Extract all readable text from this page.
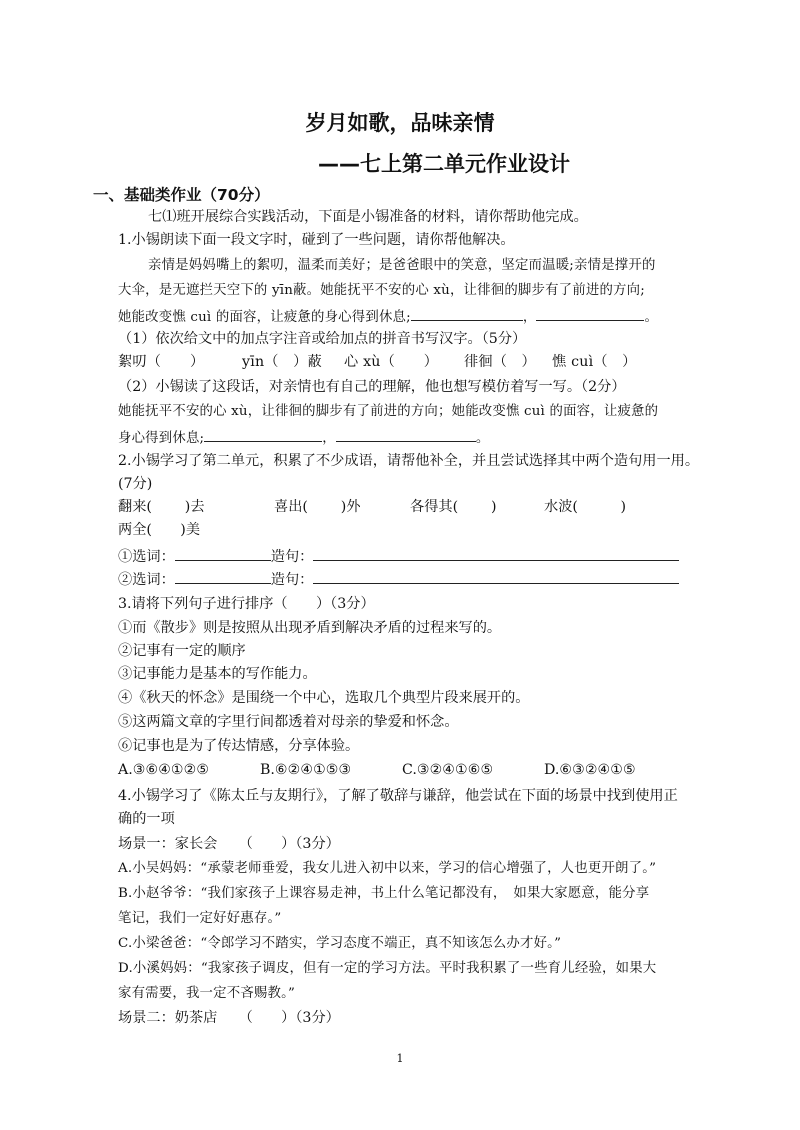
岁月如歌，品味亲情
——七上第二单元作业设计
一、基础类作业（70分）
七⑴班开展综合实践活动，下面是小锡准备的材料，请你帮助他完成。
1.小锡朗读下面一段文字时，碰到了一些问题，请你帮他解决。
亲情是妈妈嘴上的絮叨，温柔而美好；是爸爸眼中的笑意，坚定而温暖;亲情是撑开的
大伞，是无遮拦天空下的 yīn蔽。她能抚平不安的心 xù，让徘徊的脚步有了前进的方向;
她能改变憔 cuì 的面容，让疲惫的身心得到休息;	，	。
（1）依次给文中的加点字注音或给加点的拼音书写汉字。（5分）
絮叨（　　）	yīn（　）蔽 心 xù（　　） 徘徊（　） 憔 cuì（　）
（2）小锡读了这段话，对亲情也有自己的理解，他也想写模仿着写一写。（2分）
她能抚平不安的心 xù，让徘徊的脚步有了前进的方向；她能改变憔 cuì 的面容，让疲惫的
身心得到休息;	，	。
2.小锡学习了第二单元，积累了不少成语，请帮他补全，并且尝试选择其中两个造句用一用。
(7分)
翻来(　　 )去	喜出(　　 )外	各得其(　　 )	水波(　　　)
两全(　　)美
①选词：	造句：
②选词：	造句：
3.请将下列句子进行排序（　　）（3分）
①而《散步》则是按照从出现矛盾到解决矛盾的过程来写的。
②记事有一定的顺序
③记事能力是基本的写作能力。
④《秋天的怀念》是围绕一个中心，选取几个典型片段来展开的。
⑤这两篇文章的字里行间都透着对母亲的挚爱和怀念。
⑥记事也是为了传达情感，分享体验。
A.③⑥④①②⑤	B.⑥②④①⑤③	C.③②④①⑥⑤	D.⑥③②④①⑤
4.小锡学习了《陈太丘与友期行》，了解了敬辞与谦辞，他尝试在下面的场景中找到使用正
确的一项
场景一：家长会　　（　　）（3分）
A.小吴妈妈：“承蒙老师垂爱，我女儿进入初中以来，学习的信心增强了，人也更开朗了。”
B.小赵爷爷：“我们家孩子上课容易走神，书上什么笔记都没有，　如果大家愿意，能分享
笔记，我们一定好好惠存。”
C.小梁爸爸：“令郎学习不踏实，学习态度不端正，真不知该怎么办才好。”
D.小溪妈妈：“我家孩子调皮，但有一定的学习方法。平时我积累了一些育儿经验，如果大
家有需要，我一定不吝赐教。”
场景二：奶茶店　　（　　）（3分）
1
